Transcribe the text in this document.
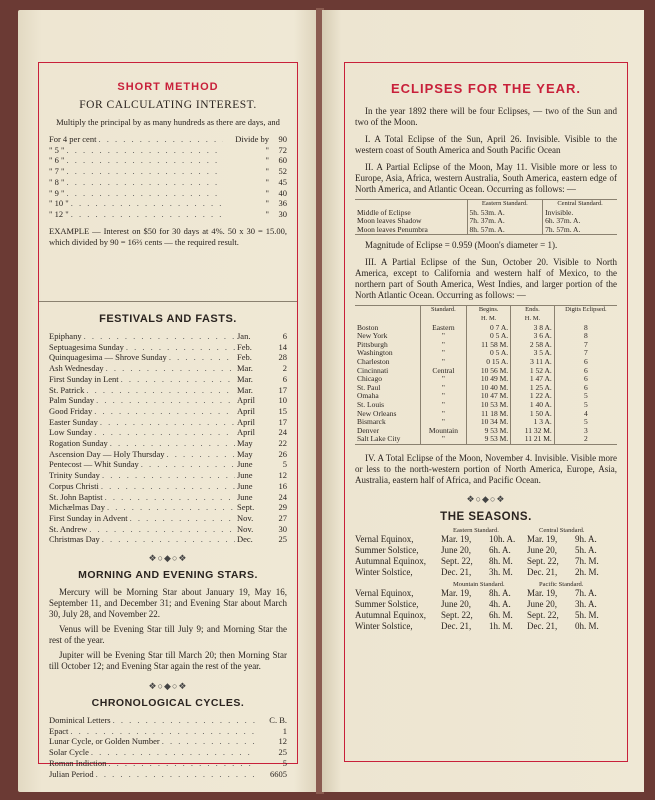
SHORT METHOD
FOR CALCULATING INTEREST.
Multiply the principal by as many hundreds as there are days, and
For 4 per cent . . .	Divide by	90
" 5 " . . .	"	72
" 6 " . . .	"	60
" 7 " . . .	"	52
" 8 " . . .	"	45
" 9 " . . .	"	40
" 10 " . . .	"	36
" 12 " . . .	"	30
EXAMPLE — Interest on $50 for 30 days at 4%. 50 x 30 = 15.00, which divided by 90 = 16⅔ cents — the required result.
FESTIVALS AND FASTS.
Epiphany . . .	Jan.	6
Septuagesima Sunday . . .	Feb.	14
Quinquagesima — Shrove Sunday . . .	Feb.	28
Ash Wednesday . . .	Mar.	2
First Sunday in Lent . . .	Mar.	6
St. Patrick . . .	Mar.	17
Palm Sunday . . .	April	10
Good Friday . . .	April	15
Easter Sunday . . .	April	17
Low Sunday . . .	April	24
Rogation Sunday . . .	May	22
Ascension Day — Holy Thursday . . .	May	26
Pentecost — Whit Sunday . . .	June	5
Trinity Sunday . . .	June	12
Corpus Christi . . .	June	16
St. John Baptist . . .	June	24
Michælmas Day . . .	Sept.	29
First Sunday in Advent . . .	Nov.	27
St. Andrew . . .	Nov.	30
Christmas Day . . .	Dec.	25
❖○◆○❖
MORNING AND EVENING STARS.
Mercury will be Morning Star about January 19, May 16, September 11, and December 31; and Evening Star about March 30, July 28, and November 22.
Venus will be Evening Star till July 9; and Morning Star the rest of the year.
Jupiter will be Evening Star till March 20; then Morning Star till October 12; and Evening Star again the rest of the year.
❖○◆○❖
CHRONOLOGICAL CYCLES.
Dominical Letters . . .	C. B.
Epact . . .	1
Lunar Cycle, or Golden Number . . .	12
Solar Cycle . . .	25
Roman Indiction . . .	5
Julian Period . . .	6605
ECLIPSES FOR THE YEAR.
In the year 1892 there will be four Eclipses, — two of the Sun and two of the Moon.
I. A Total Eclipse of the Sun, April 26. Invisible. Visible to the western coast of South America and South Pacific Ocean
II. A Partial Eclipse of the Moon, May 11. Visible more or less to Europe, Asia, Africa, western Australia, South America, eastern edge of North America, and Atlantic Ocean. Occurring as follows: —
	Eastern Standard.	Central Standard.
Middle of Eclipse	5h. 53m. A.	Invisible.
Moon leaves Shadow	7h. 37m. A.	6h. 37m. A.
Moon leaves Penumbra	8h. 57m. A.	7h. 57m. A.
Magnitude of Eclipse = 0.959 (Moon's diameter = 1).
III. A Partial Eclipse of the Sun, October 20. Visible to North America, except to California and western half of Mexico, to the northern part of South America, West Indies, and larger portion of the North Atlantic Ocean. Occurring as follows: —
	Standard.	Begins.	Ends.	Digits Eclipsed.
		H. M.	H. M.	
Boston	Eastern	0 7 A.	3 8 A.	8
New York	"	0 5 A.	3 6 A.	8
Pittsburgh	"	11 58 M.	2 58 A.	7
Washington	"	0 5 A.	3 5 A.	7
Charleston	"	0 15 A.	3 11 A.	6
Cincinnati	Central	10 56 M.	1 52 A.	6
Chicago	"	10 49 M.	1 47 A.	6
St. Paul	"	10 40 M.	1 25 A.	6
Omaha	"	10 47 M.	1 22 A.	5
St. Louis	"	10 53 M.	1 40 A.	5
New Orleans	"	11 18 M.	1 50 A.	4
Bismarck	"	10 34 M.	1 3 A.	5
Denver	Mountain	9 53 M.	11 32 M.	3
Salt Lake City	"	9 53 M.	11 21 M.	2
IV. A Total Eclipse of the Moon, November 4. Invisible. Visible more or less to the north-western portion of North America, Europe, Asia, Australia, eastern half of Africa, and Pacific Ocean.
❖○◆○❖
THE SEASONS.
Eastern Standard.	Central Standard.
Vernal Equinox,	Mar. 19,	10h. A.	Mar. 19,	9h. A.
Summer Solstice,	June 20,	6h. A.	June 20,	5h. A.
Autumnal Equinox,	Sept. 22,	8h. M.	Sept. 22,	7h. M.
Winter Solstice,	Dec. 21,	3h. M.	Dec. 21,	2h. M.
Mountain Standard.	Pacific Standard.
Vernal Equinox,	Mar. 19,	8h. A.	Mar. 19,	7h. A.
Summer Solstice,	June 20,	4h. A.	June 20,	3h. A.
Autumnal Equinox,	Sept. 22,	6h. M.	Sept. 22,	5h. M.
Winter Solstice,	Dec. 21,	1h. M.	Dec. 21,	0h. M.
